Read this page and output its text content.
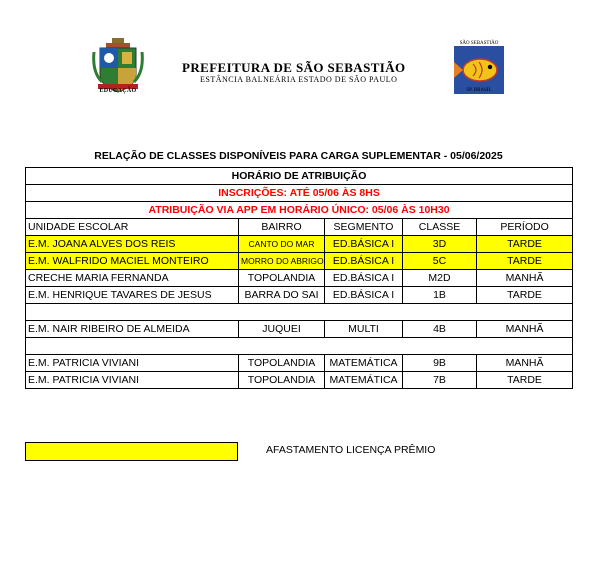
EDUCAÇÃO
PREFEITURA DE SÃO SEBASTIÃO
ESTÂNCIA BALNEÁRIA ESTADO DE SÃO PAULO
SÃO SEBASTIÃO
SP. BRASIL
RELAÇÃO DE CLASSES DISPONÍVEIS PARA CARGA SUPLEMENTAR - 05/06/2025
HORÁRIO DE ATRIBUIÇÃO				
INSCRIÇÕES: ATÉ 05/06 ÀS 8HS				
ATRIBUIÇÃO VIA APP EM HORÁRIO ÚNICO: 05/06 ÀS 10H30				
UNIDADE ESCOLAR	BAIRRO	SEGMENTO	CLASSE	PERÍODO
E.M. JOANA ALVES DOS REIS	CANTO DO MAR	ED.BÁSICA I	3D	TARDE
E.M. WALFRIDO MACIEL MONTEIRO	MORRO DO ABRIGO	ED.BÁSICA I	5C	TARDE
CRECHE MARIA FERNANDA	TOPOLANDIA	ED.BÁSICA I	M2D	MANHÃ
E.M. HENRIQUE TAVARES DE JESUS	BARRA DO SAI	ED.BÁSICA I	1B	TARDE

E.M. NAIR RIBEIRO DE ALMEIDA	JUQUEI	MULTI	4B	MANHÃ

E.M. PATRICIA VIVIANI	TOPOLANDIA	MATEMÁTICA	9B	MANHÃ
E.M. PATRICIA VIVIANI	TOPOLANDIA	MATEMÁTICA	7B	TARDE
AFASTAMENTO LICENÇA PRÊMIO
